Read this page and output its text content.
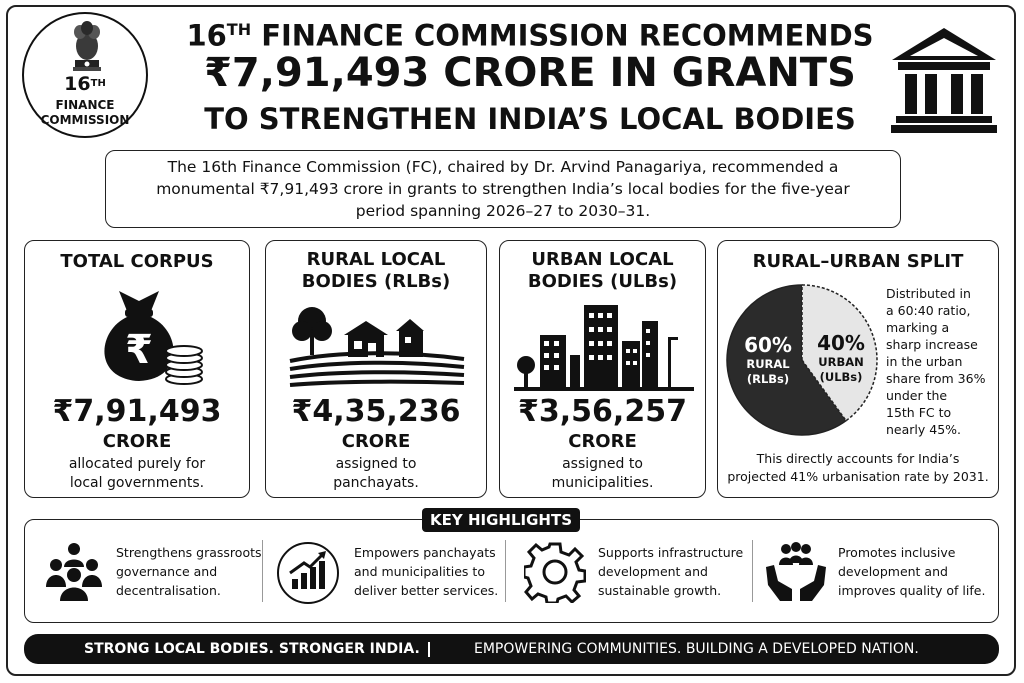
16TH
FINANCE
COMMISSION
16TH FINANCE COMMISSION RECOMMENDS
₹7,91,493 CRORE IN GRANTS
TO STRENGTHEN INDIA’S LOCAL BODIES
The 16th Finance Commission (FC), chaired by Dr. Arvind Panagariya, recommended a
monumental ₹7,91,493 crore in grants to strengthen India’s local bodies for the five-year
period spanning 2026–27 to 2030–31.
TOTAL CORPUS
₹
₹7,91,493
CRORE
allocated purely for
local governments.
RURAL LOCAL
BODIES (RLBs)
₹4,35,236
CRORE
assigned to
panchayats.
URBAN LOCAL
BODIES (ULBs)
₹3,56,257
CRORE
assigned to
municipalities.
RURAL–URBAN SPLIT
60%
RURAL
(RLBs)
40%
URBAN
(ULBs)
Distributed in
a 60:40 ratio,
marking a
sharp increase
in the urban
share from 36%
under the
15th FC to
nearly 45%.
This directly accounts for India’s
projected 41% urbanisation rate by 2031.
KEY HIGHLIGHTS
Strengthens grassroots
governance and
decentralisation.
Empowers panchayats
and municipalities to
deliver better services.
Supports infrastructure
development and
sustainable growth.
Promotes inclusive
development and
improves quality of life.
STRONG LOCAL BODIES. STRONGER INDIA.	EMPOWERING COMMUNITIES. BUILDING A DEVELOPED NATION.
